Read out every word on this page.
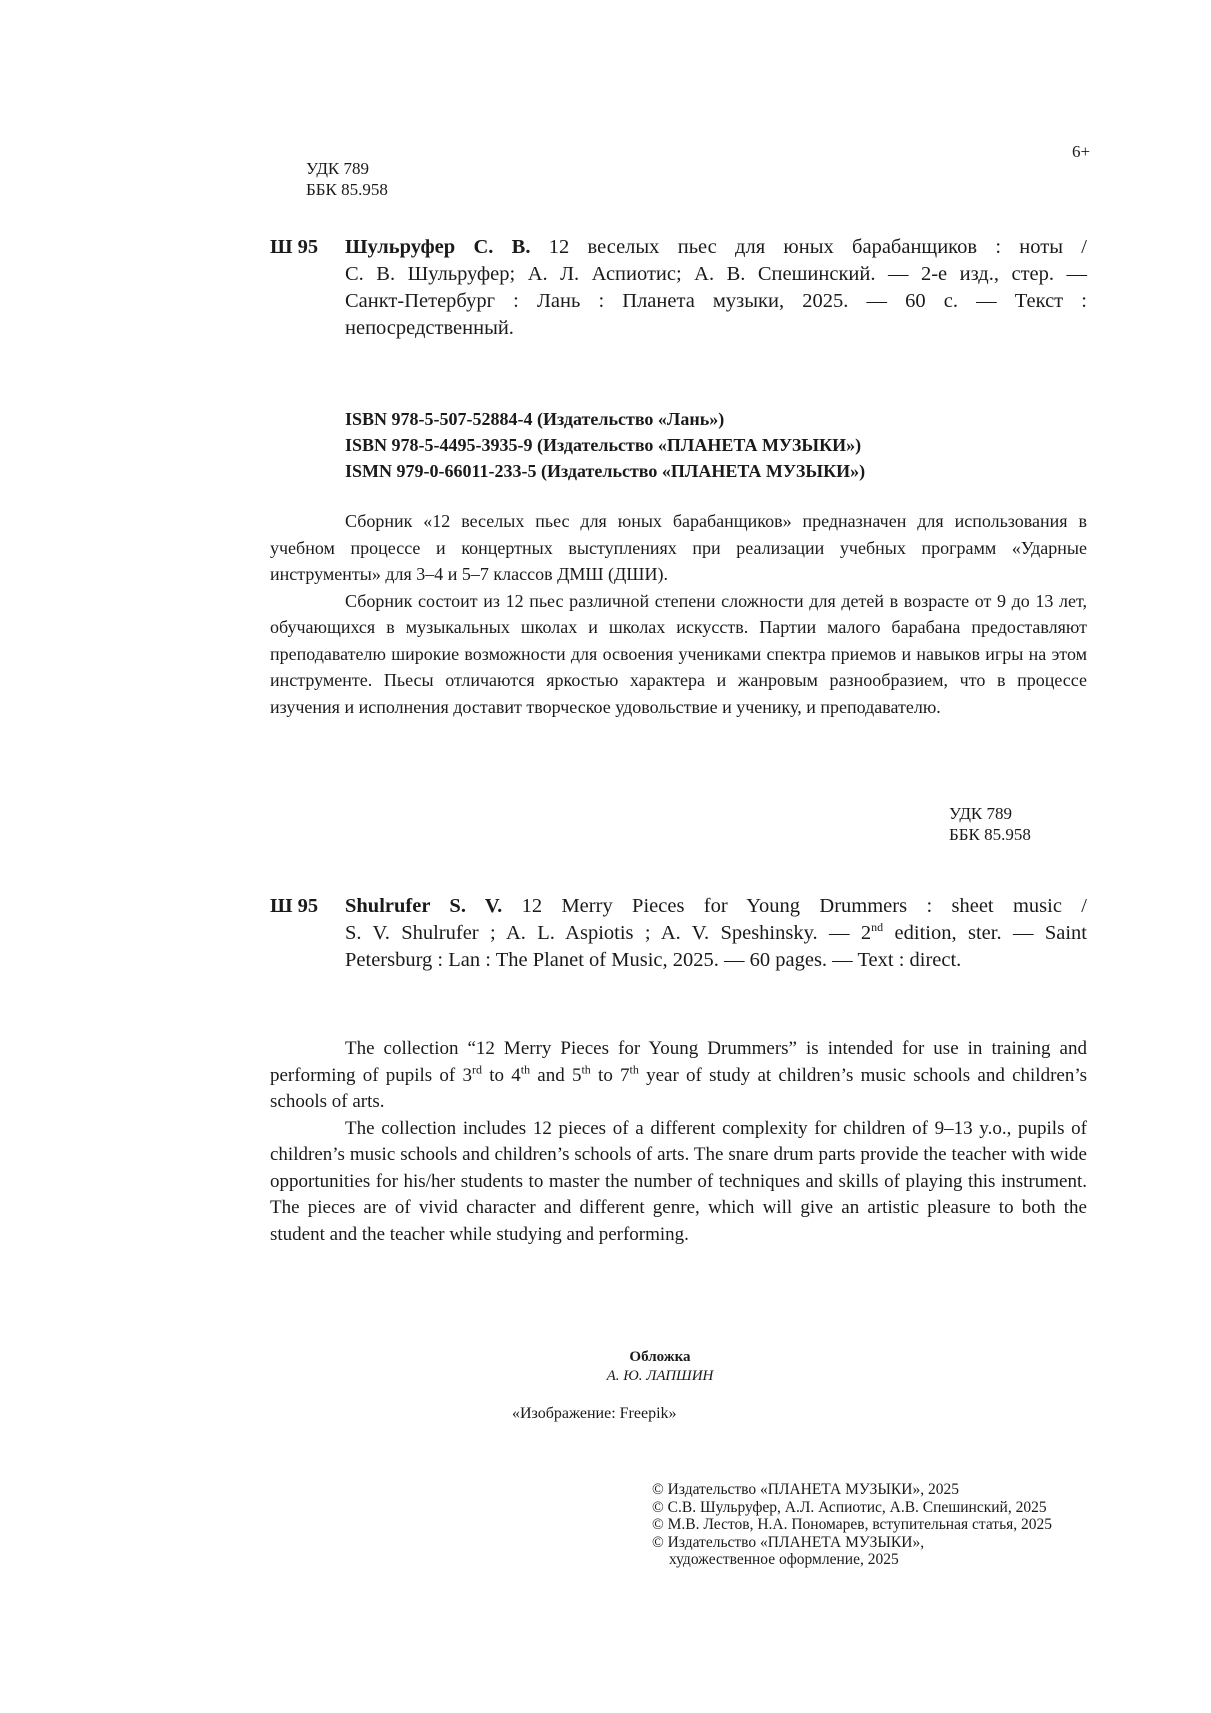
6+
УДК 789
ББК 85.958
Ш 95 Шульруфер С. В. 12 веселых пьес для юных барабанщиков : ноты /
С. В. Шульруфер; А. Л. Аспиотис; А. В. Спешинский. — 2-е изд., стер. —
Санкт-Петербург : Лань : Планета музыки, 2025. — 60 с. — Текст :
непосредственный.
ISBN 978-5-507-52884-4 (Издательство «Лань»)
ISBN 978-5-4495-3935-9 (Издательство «ПЛАНЕТА МУЗЫКИ»)
ISMN 979-0-66011-233-5 (Издательство «ПЛАНЕТА МУЗЫКИ»)
Сборник «12 веселых пьес для юных барабанщиков» предназначен для использования в учебном процессе и концертных выступлениях при реализации учебных программ «Ударные инструменты» для 3–4 и 5–7 классов ДМШ (ДШИ).
Сборник состоит из 12 пьес различной степени сложности для детей в возрасте от 9 до 13 лет, обучающихся в музыкальных школах и школах искусств. Партии малого барабана предоставляют преподавателю широкие возможности для освоения учениками спектра приемов и навыков игры на этом инструменте. Пьесы отличаются яркостью характера и жанровым разнообразием, что в процессе изучения и исполнения доставит творческое удовольствие и ученику, и преподавателю.
УДК 789
ББК 85.958
Ш 95 Shulrufer S. V. 12 Merry Pieces for Young Drummers : sheet music /
S. V. Shulrufer ; A. L. Aspiotis ; A. V. Speshinsky. — 2nd edition, ster. — Saint
Petersburg : Lan : The Planet of Music, 2025. — 60 pages. — Text : direct.
The collection “12 Merry Pieces for Young Drummers” is intended for use in training and performing of pupils of 3rd to 4th and 5th to 7th year of study at children’s music schools and children’s schools of arts.
The collection includes 12 pieces of a different complexity for children of 9–13 y.o., pupils of children’s music schools and children’s schools of arts. The snare drum parts provide the teacher with wide opportunities for his/her students to master the number of techniques and skills of playing this instrument. The pieces are of vivid character and different genre, which will give an artistic pleasure to both the student and the teacher while studying and performing.
Обложка
А. Ю. ЛАПШИН
«Изображение: Freepik»
© Издательство «ПЛАНЕТА МУЗЫКИ», 2025
© С.В. Шульруфер, А.Л. Аспиотис, А.В. Спешинский, 2025
© М.В. Лестов, Н.А. Пономарев, вступительная статья, 2025
© Издательство «ПЛАНЕТА МУЗЫКИ»,
художественное оформление, 2025
